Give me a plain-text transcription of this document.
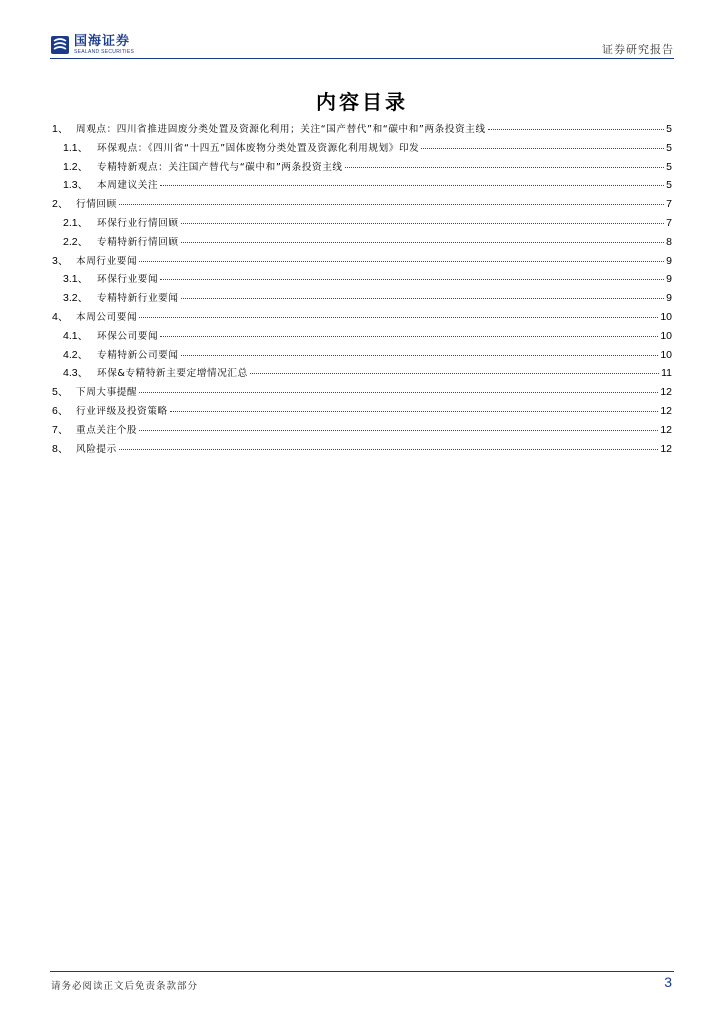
国海证券
SEALAND SECURITIES	证券研究报告
内容目录
1、 周观点：四川省推进固废分类处置及资源化利用；关注“国产替代”和“碳中和”两条投资主线	5
1.1、 环保观点：《四川省“十四五”固体废物分类处置及资源化利用规划》印发	5
1.2、 专精特新观点：关注国产替代与“碳中和”两条投资主线	5
1.3、 本周建议关注	5
2、 行情回顾	7
2.1、 环保行业行情回顾	7
2.2、 专精特新行情回顾	8
3、 本周行业要闻	9
3.1、 环保行业要闻	9
3.2、 专精特新行业要闻	9
4、 本周公司要闻	10
4.1、 环保公司要闻	10
4.2、 专精特新公司要闻	10
4.3、 环保&专精特新主要定增情况汇总	11
5、 下周大事提醒	12
6、 行业评级及投资策略	12
7、 重点关注个股	12
8、 风险提示	12
请务必阅读正文后免责条款部分	3
